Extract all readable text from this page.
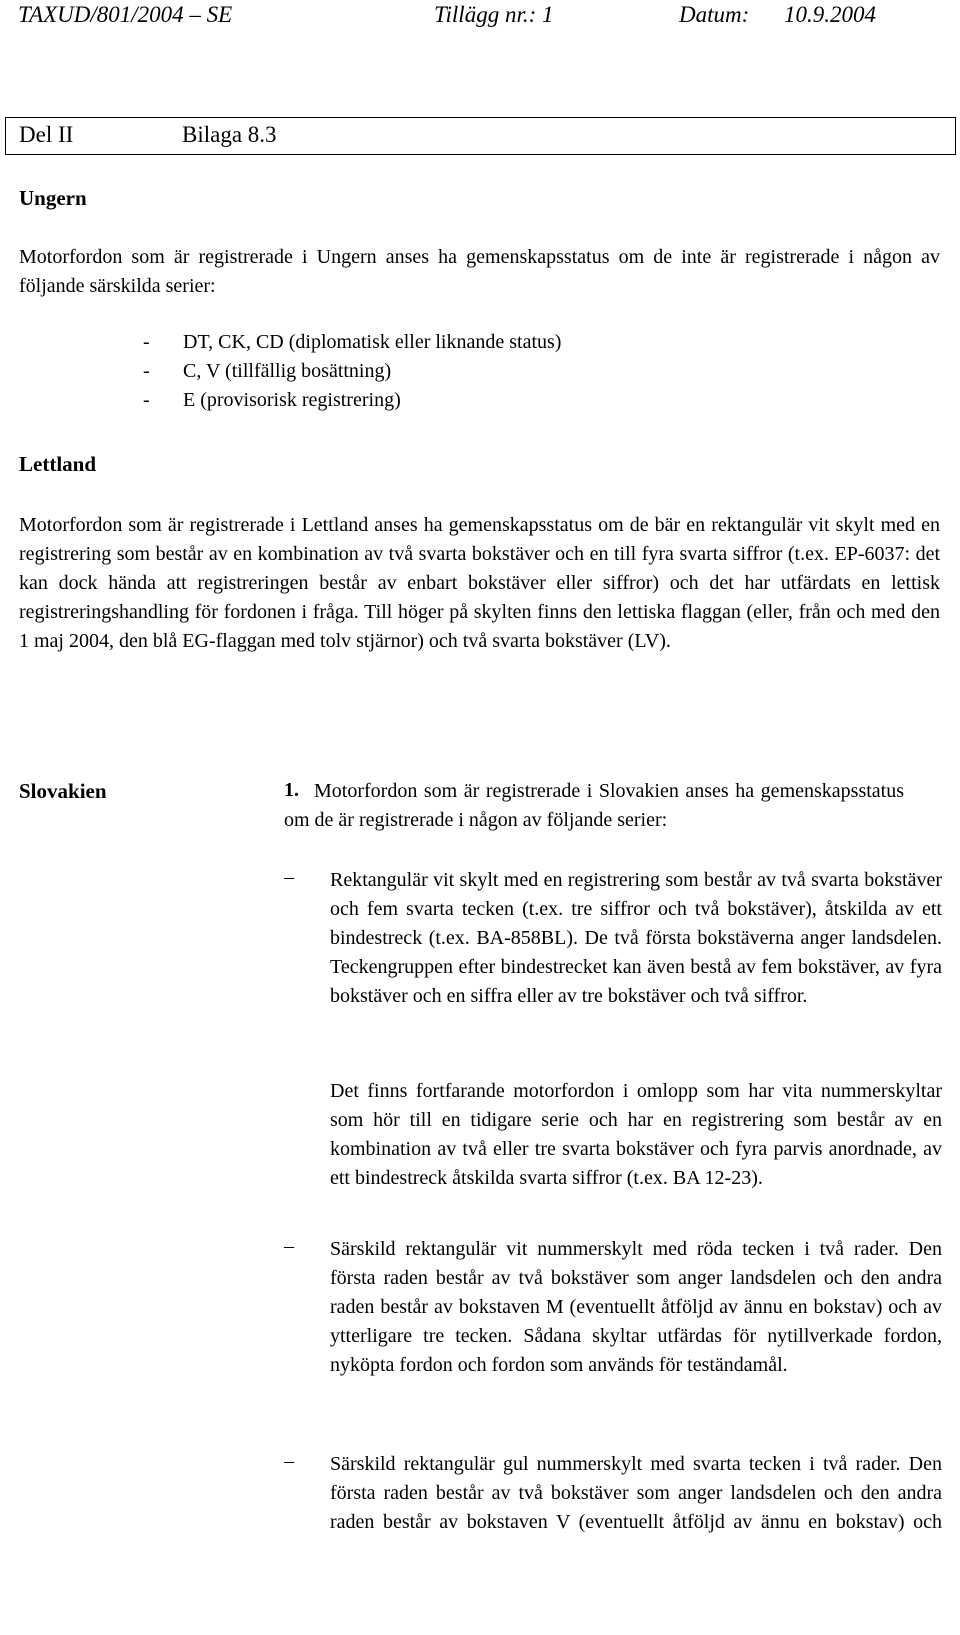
TAXUD/801/2004 – SE	Tillägg nr.: 1	Datum: 10.9.2004
Del II	Bilaga 8.3
Ungern
Motorfordon som är registrerade i Ungern anses ha gemenskapsstatus om de inte är registrerade i någon av följande särskilda serier:
- DT, CK, CD (diplomatisk eller liknande status)
- C, V (tillfällig bosättning)
- E (provisorisk registrering)
Lettland
Motorfordon som är registrerade i Lettland anses ha gemenskapsstatus om de bär en rektangulär vit skylt med en registrering som består av en kombination av två svarta bokstäver och en till fyra svarta siffror (t.ex. EP-6037: det kan dock hända att registreringen består av enbart bokstäver eller siffror) och det har utfärdats en lettisk registreringshandling för fordonen i fråga. Till höger på skylten finns den lettiska flaggan (eller, från och med den 1 maj 2004, den blå EG-flaggan med tolv stjärnor) och två svarta bokstäver (LV).
Slovakien	1. Motorfordon som är registrerade i Slovakien anses ha gemenskapsstatus om de är registrerade i någon av följande serier:
– Rektangulär vit skylt med en registrering som består av två svarta bokstäver och fem svarta tecken (t.ex. tre siffror och två bokstäver), åtskilda av ett bindestreck (t.ex. BA-858BL). De två första bokstäverna anger landsdelen. Teckengruppen efter bindestrecket kan även bestå av fem bokstäver, av fyra bokstäver och en siffra eller av tre bokstäver och två siffror.
Det finns fortfarande motorfordon i omlopp som har vita nummerskyltar som hör till en tidigare serie och har en registrering som består av en kombination av två eller tre svarta bokstäver och fyra parvis anordnade, av ett bindestreck åtskilda svarta siffror (t.ex. BA 12-23).
– Särskild rektangulär vit nummerskylt med röda tecken i två rader. Den första raden består av två bokstäver som anger landsdelen och den andra raden består av bokstaven M (eventuellt åtföljd av ännu en bokstav) och av ytterligare tre tecken. Sådana skyltar utfärdas för nytillverkade fordon, nyköpta fordon och fordon som används för teständamål.
– Särskild rektangulär gul nummerskylt med svarta tecken i två rader. Den första raden består av två bokstäver som anger landsdelen och den andra raden består av bokstaven V (eventuellt åtföljd av ännu en bokstav) och
